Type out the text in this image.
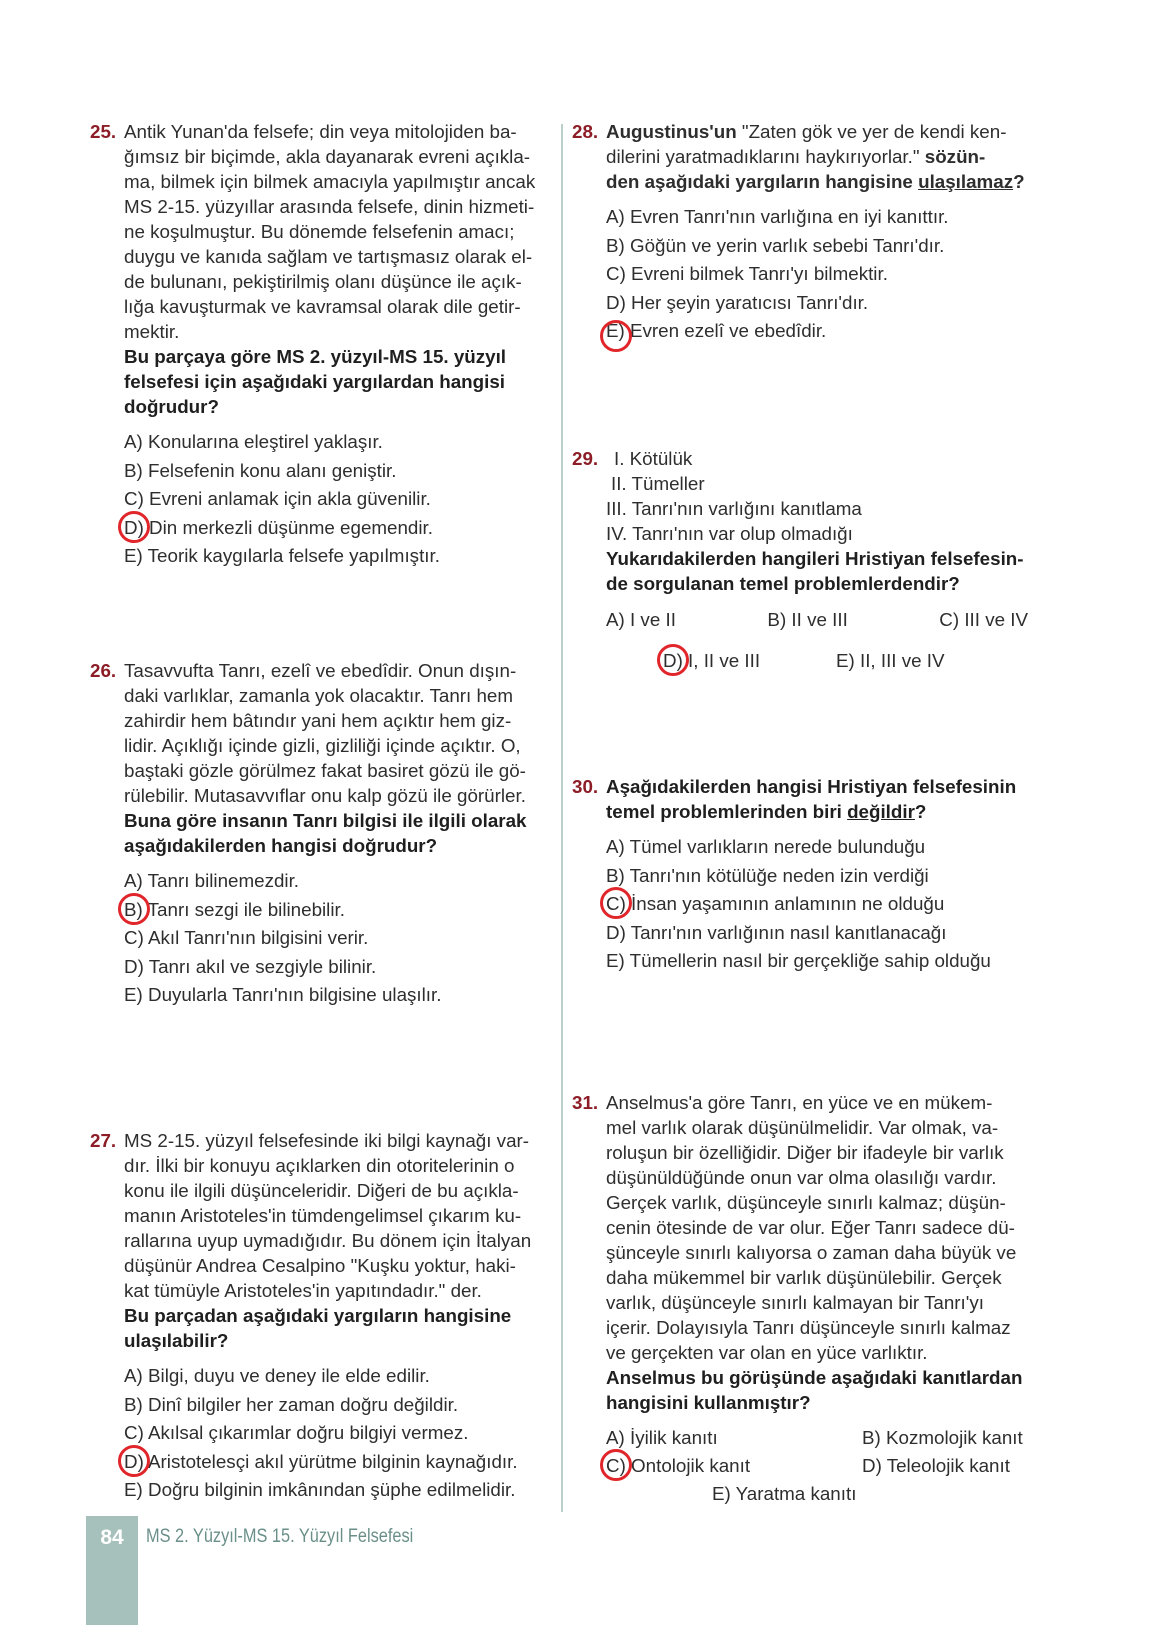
25. Antik Yunan'da felsefe; din veya mitolojiden ba-
ğımsız bir biçimde, akla dayanarak evreni açıkla-
ma, bilmek için bilmek amacıyla yapılmıştır ancak
MS 2-15. yüzyıllar arasında felsefe, dinin hizmeti-
ne koşulmuştur. Bu dönemde felsefenin amacı;
duygu ve kanıda sağlam ve tartışmasız olarak el-
de bulunanı, pekiştirilmiş olanı düşünce ile açık-
lığa kavuşturmak ve kavramsal olarak dile getir-
mektir.
Bu parçaya göre MS 2. yüzyıl-MS 15. yüzyıl
felsefesi için aşağıdaki yargılardan hangisi
doğrudur?
A) Konularına eleştirel yaklaşır.
B) Felsefenin konu alanı geniştir.
C) Evreni anlamak için akla güvenilir.
D) Din merkezli düşünme egemendir.
E) Teorik kaygılarla felsefe yapılmıştır.
26. Tasavvufta Tanrı, ezelî ve ebedîdir. Onun dışın-
daki varlıklar, zamanla yok olacaktır. Tanrı hem
zahirdir hem bâtındır yani hem açıktır hem giz-
lidir. Açıklığı içinde gizli, gizliliği içinde açıktır. O,
baştaki gözle görülmez fakat basiret gözü ile gö-
rülebilir. Mutasavvıflar onu kalp gözü ile görürler.
Buna göre insanın Tanrı bilgisi ile ilgili olarak
aşağıdakilerden hangisi doğrudur?
A) Tanrı bilinemezdir.
B) Tanrı sezgi ile bilinebilir.
C) Akıl Tanrı'nın bilgisini verir.
D) Tanrı akıl ve sezgiyle bilinir.
E) Duyularla Tanrı'nın bilgisine ulaşılır.
27. MS 2-15. yüzyıl felsefesinde iki bilgi kaynağı var-
dır. İlki bir konuyu açıklarken din otoritelerinin o
konu ile ilgili düşünceleridir. Diğeri de bu açıkla-
manın Aristoteles'in tümdengelimsel çıkarım ku-
rallarına uyup uymadığıdır. Bu dönem için İtalyan
düşünür Andrea Cesalpino "Kuşku yoktur, haki-
kat tümüyle Aristoteles'in yapıtındadır." der.
Bu parçadan aşağıdaki yargıların hangisine
ulaşılabilir?
A) Bilgi, duyu ve deney ile elde edilir.
B) Dinî bilgiler her zaman doğru değildir.
C) Akılsal çıkarımlar doğru bilgiyi vermez.
D) Aristotelesçi akıl yürütme bilginin kaynağıdır.
E) Doğru bilginin imkânından şüphe edilmelidir.
28. Augustinus'un "Zaten gök ve yer de kendi ken-
dilerini yaratmadıklarını haykırıyorlar." sözün-
den aşağıdaki yargıların hangisine ulaşılamaz?
A) Evren Tanrı'nın varlığına en iyi kanıttır.
B) Göğün ve yerin varlık sebebi Tanrı'dır.
C) Evreni bilmek Tanrı'yı bilmektir.
D) Her şeyin yaratıcısı Tanrı'dır.
E) Evren ezelî ve ebedîdir.
29. I. Kötülük
II. Tümeller
III. Tanrı'nın varlığını kanıtlama
IV. Tanrı'nın var olup olmadığı
Yukarıdakilerden hangileri Hristiyan felsefesin-
de sorgulanan temel problemlerdendir?
A) I ve II	B) II ve III	C) III ve IV
D) I, II ve III	E) II, III ve IV
30. Aşağıdakilerden hangisi Hristiyan felsefesinin
temel problemlerinden biri değildir?
A) Tümel varlıkların nerede bulunduğu
B) Tanrı'nın kötülüğe neden izin verdiği
C) İnsan yaşamının anlamının ne olduğu
D) Tanrı'nın varlığının nasıl kanıtlanacağı
E) Tümellerin nasıl bir gerçekliğe sahip olduğu
31. Anselmus'a göre Tanrı, en yüce ve en mükem-
mel varlık olarak düşünülmelidir. Var olmak, va-
roluşun bir özelliğidir. Diğer bir ifadeyle bir varlık
düşünüldüğünde onun var olma olasılığı vardır.
Gerçek varlık, düşünceyle sınırlı kalmaz; düşün-
cenin ötesinde de var olur. Eğer Tanrı sadece dü-
şünceyle sınırlı kalıyorsa o zaman daha büyük ve
daha mükemmel bir varlık düşünülebilir. Gerçek
varlık, düşünceyle sınırlı kalmayan bir Tanrı'yı
içerir. Dolayısıyla Tanrı düşünceyle sınırlı kalmaz
ve gerçekten var olan en yüce varlıktır.
Anselmus bu görüşünde aşağıdaki kanıtlardan
hangisini kullanmıştır?
A) İyilik kanıtı	B) Kozmolojik kanıt
C) Ontolojik kanıt	D) Teleolojik kanıt
E) Yaratma kanıtı
84	MS 2. Yüzyıl-MS 15. Yüzyıl Felsefesi
